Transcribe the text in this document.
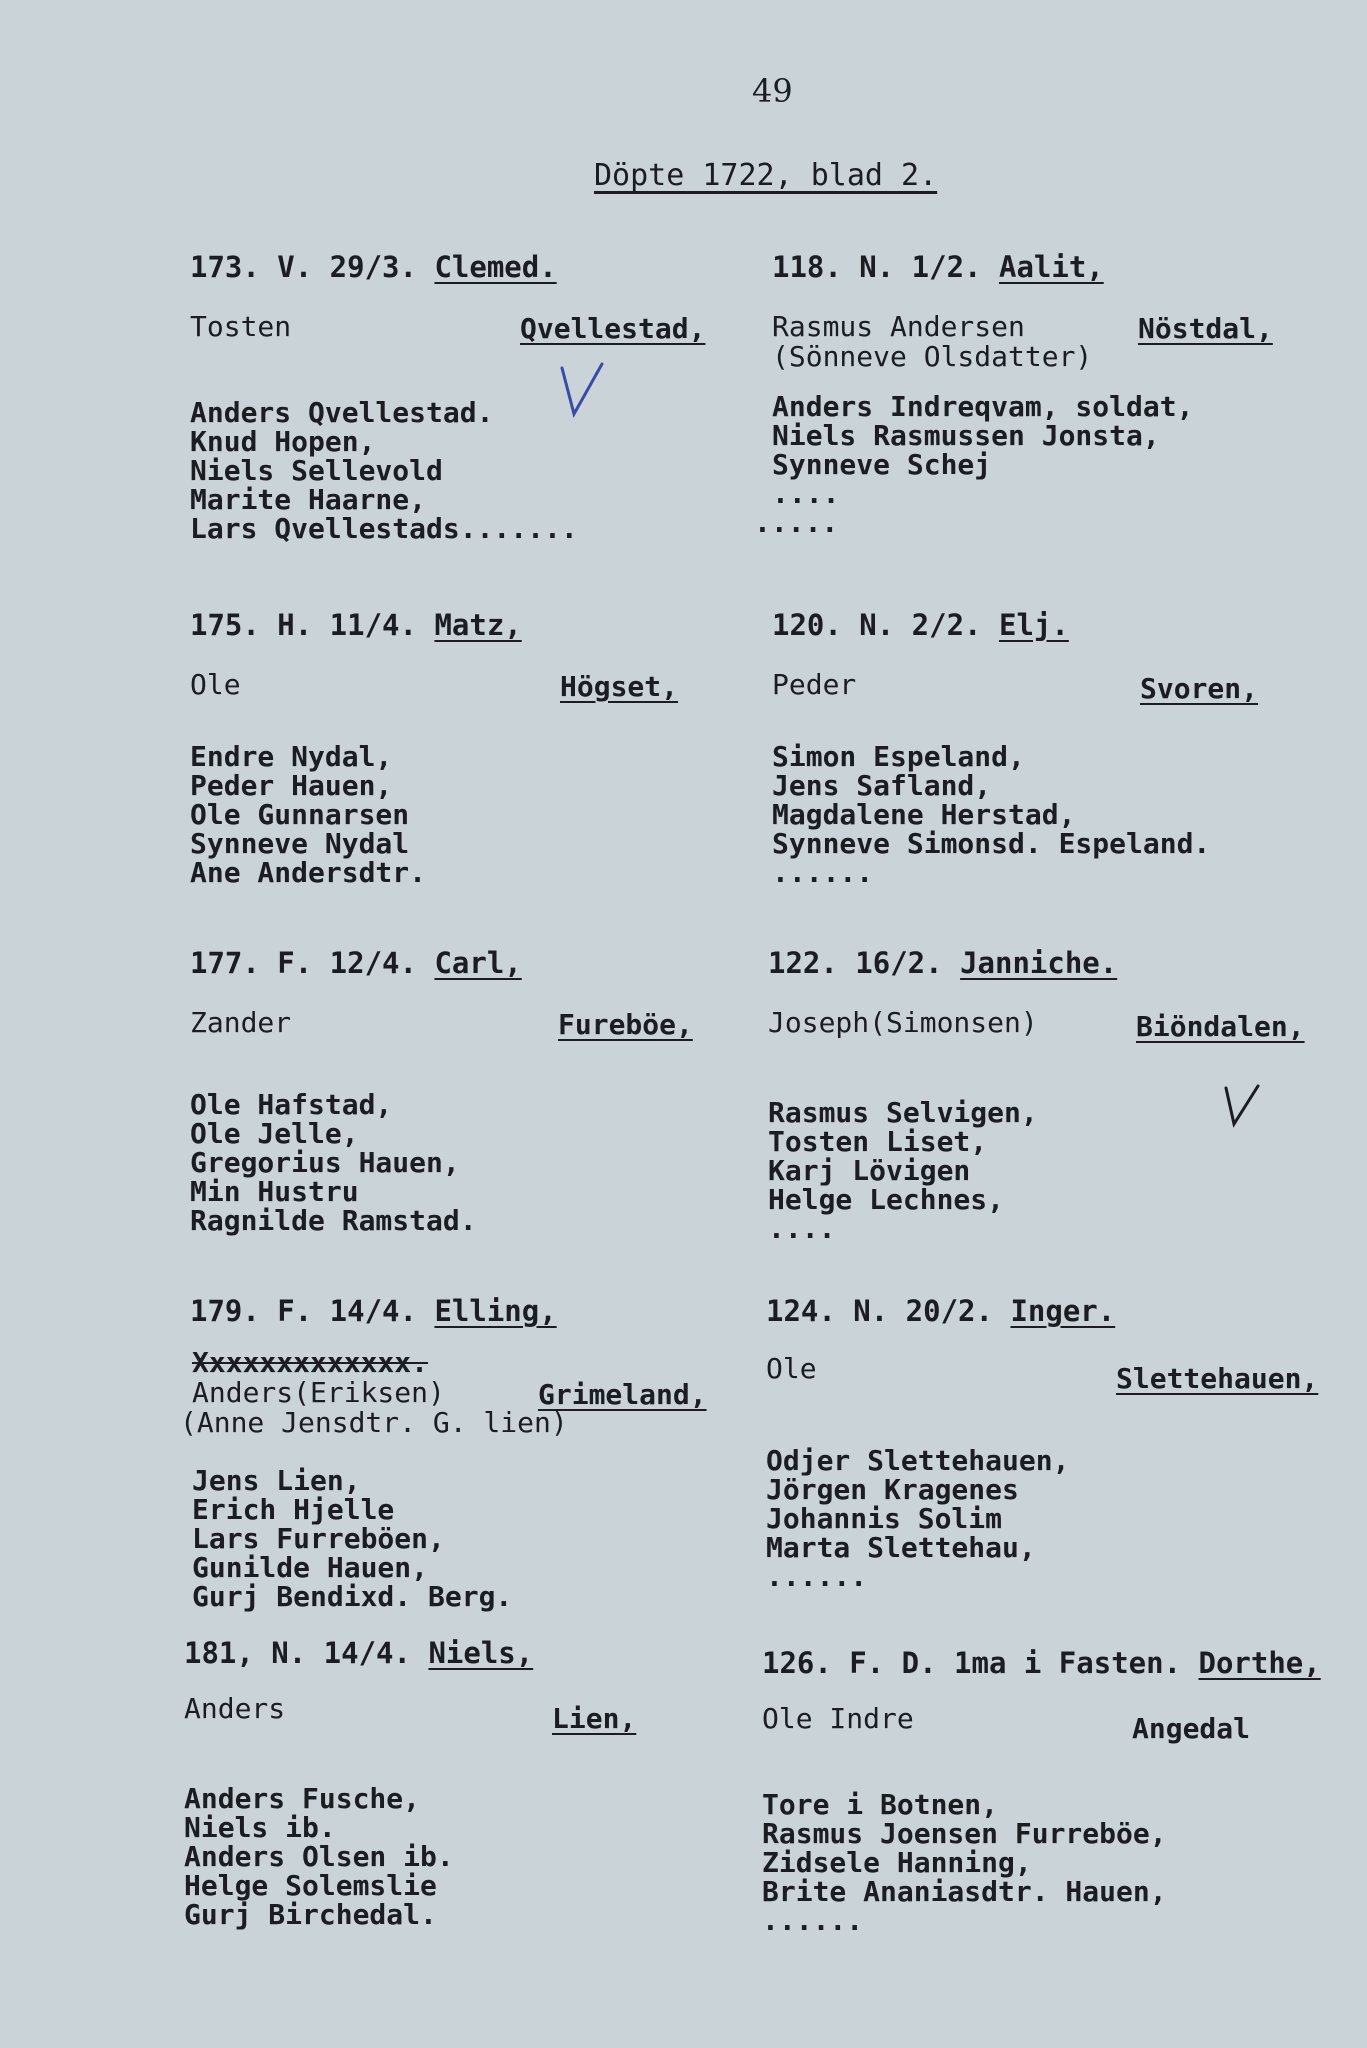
49
Döpte 1722, blad 2.
173. V. 29/3. Clemed.
Tosten	Qvellestad,
Anders Qvellestad.
Knud Hopen,
Niels Sellevold
Marite Haarne,
Lars Qvellestads.......
175. H. 11/4. Matz,
Ole	Högset,
Endre Nydal,
Peder Hauen,
Ole Gunnarsen
Synneve Nydal
Ane Andersdtr.
177. F. 12/4. Carl,
Zander	Fureböe,
Ole Hafstad,
Ole Jelle,
Gregorius Hauen,
Min Hustru
Ragnilde Ramstad.
179. F. 14/4. Elling,
Xxxxxxxxxxxxx.
Anders(Eriksen)
(Anne Jensdtr. G. lien)
Grimeland,
Jens Lien,
Erich Hjelle
Lars Furreböen,
Gunilde Hauen,
Gurj Bendixd. Berg.
181, N. 14/4. Niels,
Anders	Lien,
Anders Fusche,
Niels ib.
Anders Olsen ib.
Helge Solemslie
Gurj Birchedal.
118. N. 1/2. Aalit,
Rasmus Andersen
(Sönneve Olsdatter)
Nöstdal,
Anders Indreqvam, soldat,
Niels Rasmussen Jonsta,
Synneve Schej
....
.....
120. N. 2/2. Elj.
Peder	Svoren,
Simon Espeland,
Jens Safland,
Magdalene Herstad,
Synneve Simonsd. Espeland.
......
122. 16/2. Janniche.
Joseph(Simonsen)	Biöndalen,
Rasmus Selvigen,
Tosten Liset,
Karj Lövigen
Helge Lechnes,
....
124. N. 20/2. Inger.
Ole	Slettehauen,
Odjer Slettehauen,
Jörgen Kragenes
Johannis Solim
Marta Slettehau,
......
126. F. D. 1ma i Fasten. Dorthe,
Ole Indre	Angedal
Tore i Botnen,
Rasmus Joensen Furreböe,
Zidsele Hanning,
Brite Ananiasdtr. Hauen,
......
